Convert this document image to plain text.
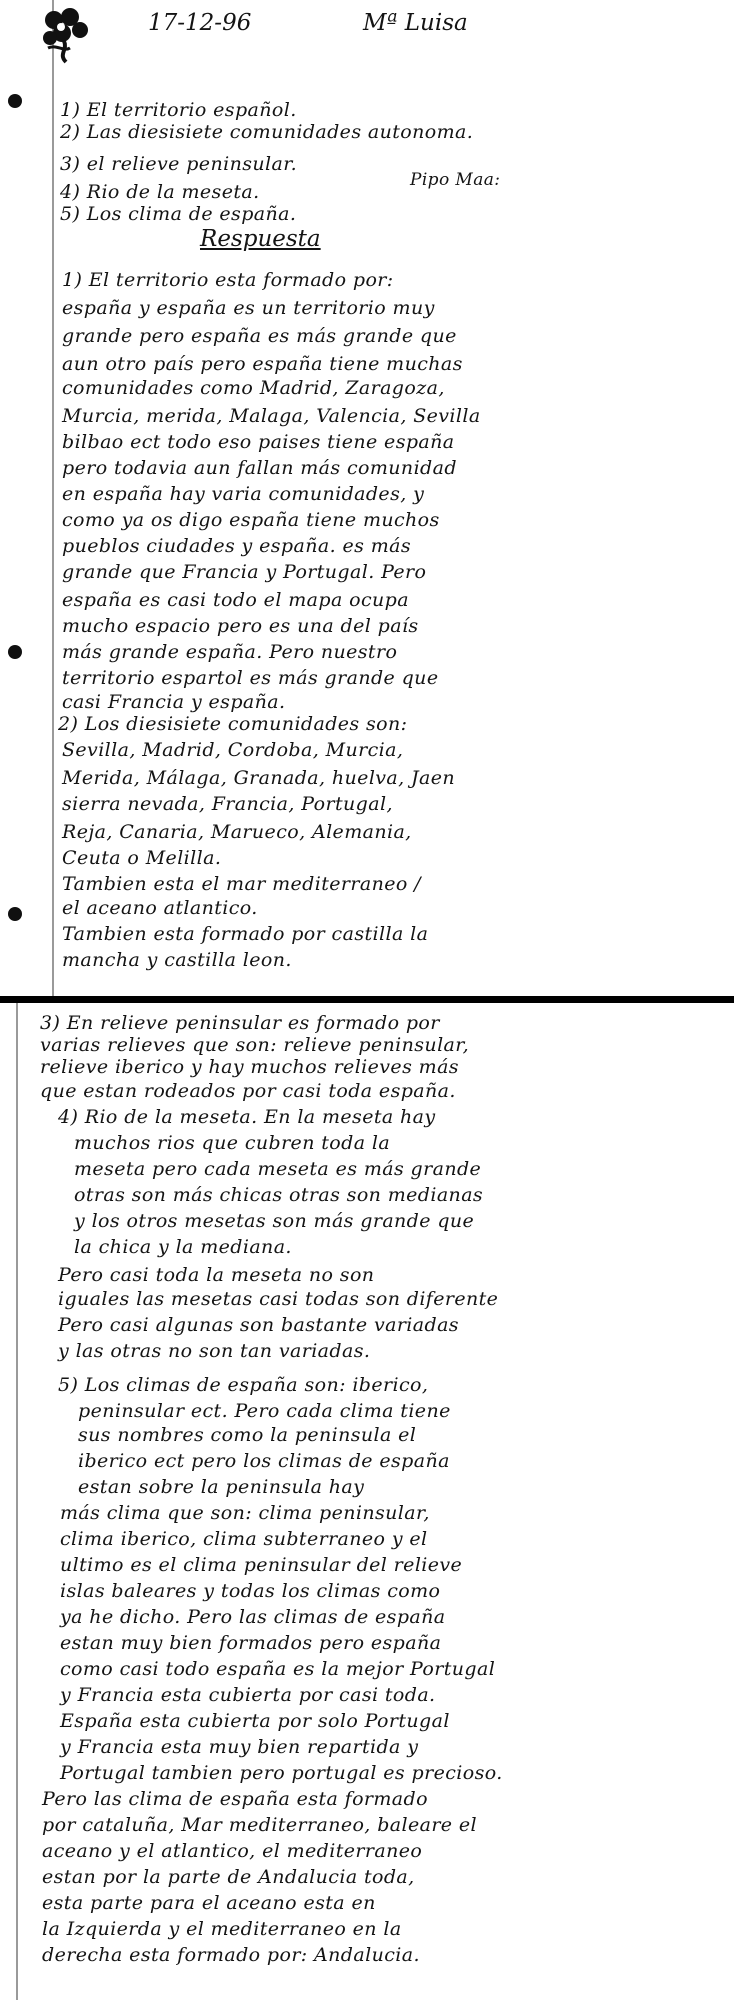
17-12-96	Mª Luisa
1) El territorio español.
2) Las diesisiete comunidades autonoma.
3) el relieve peninsular.
4) Rio de la meseta.
Pipo Maa:
5) Los clima de españa.
Respuesta
1) El territorio esta formado por:
españa y españa es un territorio muy
grande pero españa es más grande que
aun otro país pero españa tiene muchas
comunidades como Madrid, Zaragoza,
Murcia, merida, Malaga, Valencia, Sevilla
bilbao ect todo eso paises tiene españa
pero todavia aun fallan más comunidad
en españa hay varia comunidades, y
como ya os digo españa tiene muchos
pueblos ciudades y españa. es más
grande que Francia y Portugal. Pero
españa es casi todo el mapa ocupa
mucho espacio pero es una del país
más grande españa. Pero nuestro
territorio espartol es más grande que
casi Francia y españa.
2) Los diesisiete comunidades son:
Sevilla, Madrid, Cordoba, Murcia,
Merida, Málaga, Granada, huelva, Jaen
sierra nevada, Francia, Portugal,
Reja, Canaria, Marueco, Alemania,
Ceuta o Melilla.
Tambien esta el mar mediterraneo /
el aceano atlantico.
Tambien esta formado por castilla la
mancha y castilla leon.
3) En relieve peninsular es formado por
varias relieves que son: relieve peninsular,
relieve iberico y hay muchos relieves más
que estan rodeados por casi toda españa.
4) Rio de la meseta. En la meseta hay
muchos rios que cubren toda la
meseta pero cada meseta es más grande
otras son más chicas otras son medianas
y los otros mesetas son más grande que
la chica y la mediana.
Pero casi toda la meseta no son
iguales las mesetas casi todas son diferente
Pero casi algunas son bastante variadas
y las otras no son tan variadas.
5) Los climas de españa son: iberico,
peninsular ect. Pero cada clima tiene
sus nombres como la peninsula el
iberico ect pero los climas de españa
estan sobre la peninsula hay
más clima que son: clima peninsular,
clima iberico, clima subterraneo y el
ultimo es el clima peninsular del relieve
islas baleares y todas los climas como
ya he dicho. Pero las climas de españa
estan muy bien formados pero españa
como casi todo españa es la mejor Portugal
y Francia esta cubierta por casi toda.
España esta cubierta por solo Portugal
y Francia esta muy bien repartida y
Portugal tambien pero portugal es precioso.
Pero las clima de españa esta formado
por cataluña, Mar mediterraneo, baleare el
aceano y el atlantico, el mediterraneo
estan por la parte de Andalucia toda,
esta parte para el aceano esta en
la Izquierda y el mediterraneo en la
derecha esta formado por: Andalucia.
